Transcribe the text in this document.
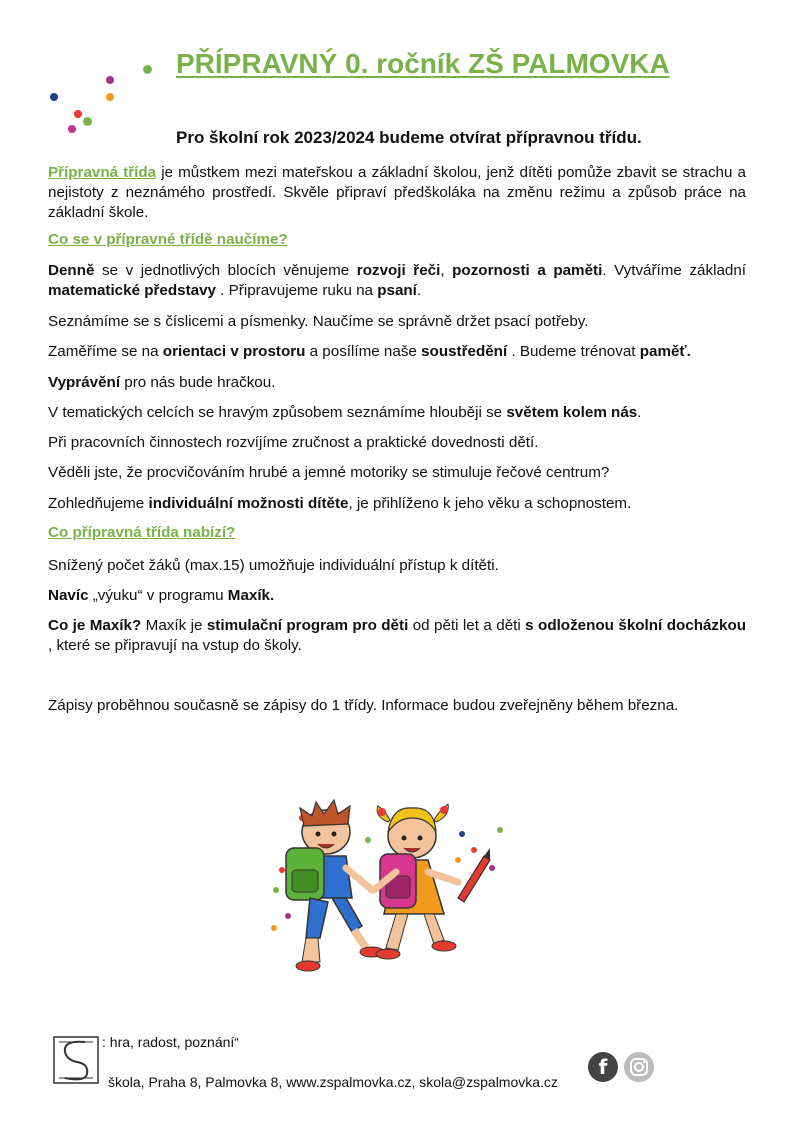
PŘÍPRAVNÝ 0. ročník ZŠ PALMOVKA
Pro školní rok 2023/2024 budeme otvírat přípravnou třídu.
Přípravná třída je můstkem mezi mateřskou a základní školou, jenž dítěti pomůže zbavit se strachu a nejistoty z neznámého prostředí. Skvěle připraví předškoláka na změnu režimu a způsob práce na základní škole.
Co se v přípravné třídě naučíme?
Denně se v jednotlivých blocích věnujeme rozvoji řeči, pozornosti a paměti. Vytváříme základní matematické představy . Připravujeme ruku na psaní.
Seznámíme se s číslicemi a písmenky. Naučíme se správně držet psací potřeby.
Zaměříme se na orientaci v prostoru a posílíme naše soustředění . Budeme trénovat paměť.
Vyprávění pro nás bude hračkou.
V tematických celcích se hravým způsobem seznámíme hlouběji se světem kolem nás.
Při pracovních činnostech rozvíjíme zručnost a praktické dovednosti dětí.
Věděli jste, že procvičováním hrubé a jemné motoriky se stimuluje řečové centrum?
Zohledňujeme individuální možnosti dítěte, je přihlíženo k jeho věku a schopnostem.
Co přípravná třída nabízí?
Snížený počet žáků (max.15) umožňuje individuální přístup k dítěti.
Navíc „výuku“ v programu Maxík.
Co je Maxík? Maxík je stimulační program pro děti od pěti let a děti s odloženou školní docházkou , které se připravují na vstup do školy.
Zápisy proběhnou současně se zápisy do 1 třídy. Informace budou zveřejněny během března.
: hra, radost, poznání“
škola, Praha 8, Palmovka 8, www.zspalmovka.cz, skola@zspalmovka.cz
f
